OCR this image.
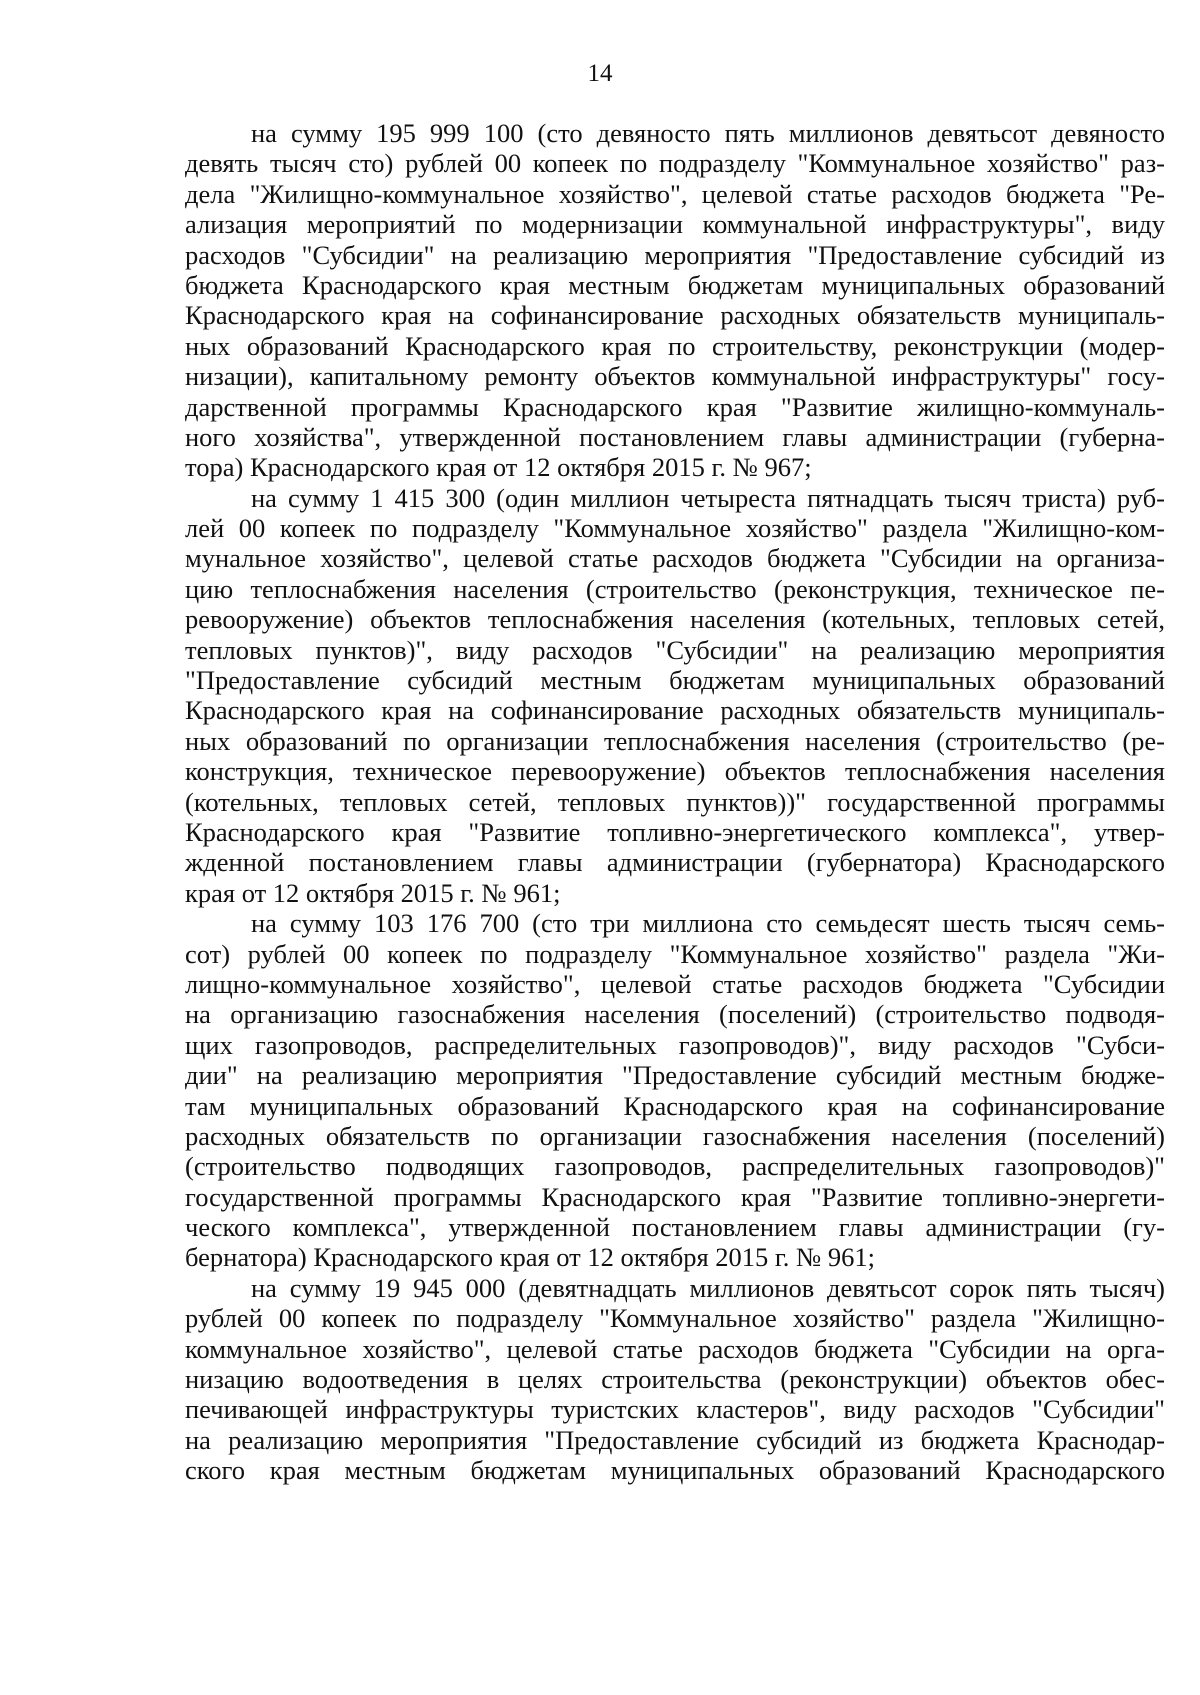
14
на сумму 195 999 100 (сто девяносто пять миллионов девятьсот девяносто
девять тысяч сто) рублей 00 копеек по подразделу "Коммунальное хозяйство" раз-
дела "Жилищно-коммунальное хозяйство", целевой статье расходов бюджета "Ре-
ализация мероприятий по модернизации коммунальной инфраструктуры", виду
расходов "Субсидии" на реализацию мероприятия "Предоставление субсидий из
бюджета Краснодарского края местным бюджетам муниципальных образований
Краснодарского края на софинансирование расходных обязательств муниципаль-
ных образований Краснодарского края по строительству, реконструкции (модер-
низации), капитальному ремонту объектов коммунальной инфраструктуры" госу-
дарственной программы Краснодарского края "Развитие жилищно-коммуналь-
ного хозяйства", утвержденной постановлением главы администрации (губерна-
тора) Краснодарского края от 12 октября 2015 г. № 967;
на сумму 1 415 300 (один миллион четыреста пятнадцать тысяч триста) руб-
лей 00 копеек по подразделу "Коммунальное хозяйство" раздела "Жилищно-ком-
мунальное хозяйство", целевой статье расходов бюджета "Субсидии на организа-
цию теплоснабжения населения (строительство (реконструкция, техническое пе-
ревооружение) объектов теплоснабжения населения (котельных, тепловых сетей,
тепловых пунктов)", виду расходов "Субсидии" на реализацию мероприятия
"Предоставление субсидий местным бюджетам муниципальных образований
Краснодарского края на софинансирование расходных обязательств муниципаль-
ных образований по организации теплоснабжения населения (строительство (ре-
конструкция, техническое перевооружение) объектов теплоснабжения населения
(котельных, тепловых сетей, тепловых пунктов))" государственной программы
Краснодарского края "Развитие топливно-энергетического комплекса", утвер-
жденной постановлением главы администрации (губернатора) Краснодарского
края от 12 октября 2015 г. № 961;
на сумму 103 176 700 (сто три миллиона сто семьдесят шесть тысяч семь-
сот) рублей 00 копеек по подразделу "Коммунальное хозяйство" раздела "Жи-
лищно-коммунальное хозяйство", целевой статье расходов бюджета "Субсидии
на организацию газоснабжения населения (поселений) (строительство подводя-
щих газопроводов, распределительных газопроводов)", виду расходов "Субси-
дии" на реализацию мероприятия "Предоставление субсидий местным бюдже-
там муниципальных образований Краснодарского края на софинансирование
расходных обязательств по организации газоснабжения населения (поселений)
(строительство подводящих газопроводов, распределительных газопроводов)"
государственной программы Краснодарского края "Развитие топливно-энергети-
ческого комплекса", утвержденной постановлением главы администрации (гу-
бернатора) Краснодарского края от 12 октября 2015 г. № 961;
на сумму 19 945 000 (девятнадцать миллионов девятьсот сорок пять тысяч)
рублей 00 копеек по подразделу "Коммунальное хозяйство" раздела "Жилищно-
коммунальное хозяйство", целевой статье расходов бюджета "Субсидии на орга-
низацию водоотведения в целях строительства (реконструкции) объектов обес-
печивающей инфраструктуры туристских кластеров", виду расходов "Субсидии"
на реализацию мероприятия "Предоставление субсидий из бюджета Краснодар-
ского края местным бюджетам муниципальных образований Краснодарского
